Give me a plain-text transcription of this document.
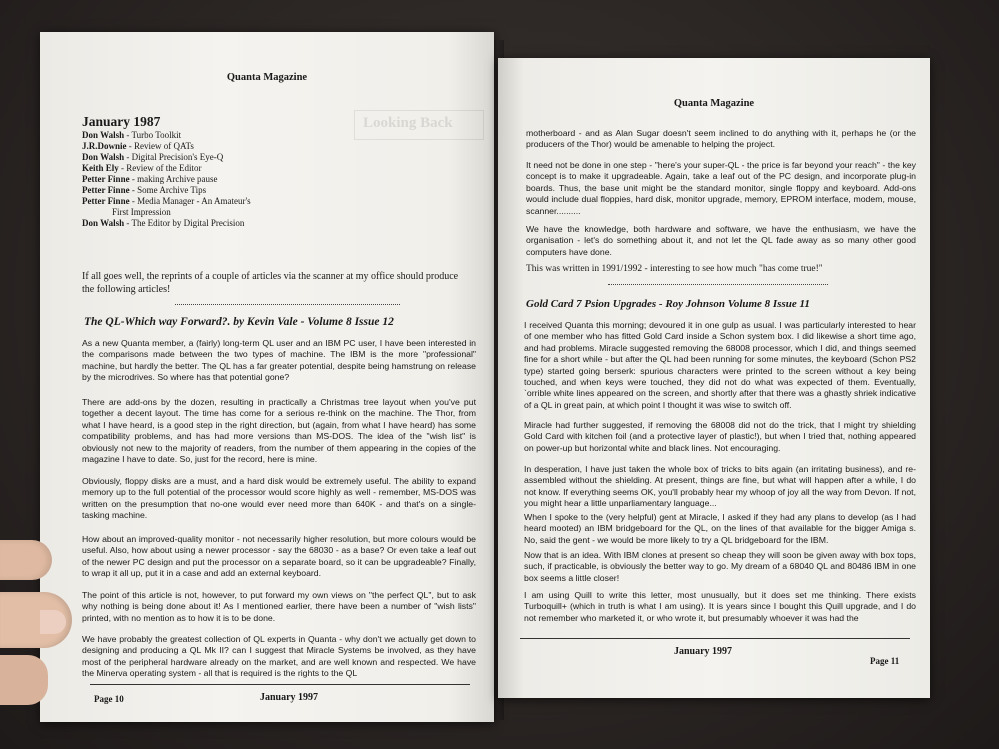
Quanta Magazine
Looking Back
January 1987
Don Walsh - Turbo Toolkit
J.R.Downie - Review of QATs
Don Walsh - Digital Precision's Eye-Q
Keith Ely - Review of the Editor
Petter Finne - making Archive pause
Petter Finne - Some Archive Tips
Petter Finne - Media Manager - An Amateur's
First Impression
Don Walsh - The Editor by Digital Precision
If all goes well, the reprints of a couple of articles via the scanner at my office should produce the following articles!
The QL-Which way Forward?. by Kevin Vale - Volume 8 Issue 12
As a new Quanta member, a (fairly) long-term QL user and an IBM PC user, I have been interested in the comparisons made between the two types of machine. The IBM is the more "professional" machine, but hardly the better. The QL has a far greater potential, despite being hamstrung on release by the microdrives. So where has that potential gone?
There are add-ons by the dozen, resulting in practically a Christmas tree layout when you've put together a decent layout. The time has come for a serious re-think on the machine. The Thor, from what I have heard, is a good step in the right direction, but (again, from what I have heard) has some compatibility problems, and has had more versions than MS-DOS. The idea of the "wish list" is obviously not new to the majority of readers, from the number of them appearing in the copies of the magazine I have to date. So, just for the record, here is mine.
Obviously, floppy disks are a must, and a hard disk would be extremely useful. The ability to expand memory up to the full potential of the processor would score highly as well - remember, MS-DOS was written on the presumption that no-one would ever need more than 640K - and that's on a single-tasking machine.
How about an improved-quality monitor - not necessarily higher resolution, but more colours would be useful. Also, how about using a newer processor - say the 68030 - as a base? Or even take a leaf out of the newer PC design and put the processor on a separate board, so it can be upgradeable? Finally, to wrap it all up, put it in a case and add an external keyboard.
The point of this article is not, however, to put forward my own views on "the perfect QL", but to ask why nothing is being done about it! As I mentioned earlier, there have been a number of "wish lists" printed, with no mention as to how it is to be done.
We have probably the greatest collection of QL experts in Quanta - why don't we actually get down to designing and producing a QL Mk II? can I suggest that Miracle Systems be involved, as they have most of the peripheral hardware already on the market, and are well known and respected. We have the Minerva operating system - all that is required is the rights to the QL
Page 10	January 1997
Quanta Magazine
motherboard - and as Alan Sugar doesn't seem inclined to do anything with it, perhaps he (or the producers of the Thor) would be amenable to helping the project.
It need not be done in one step - "here's your super-QL - the price is far beyond your reach" - the key concept is to make it upgradeable. Again, take a leaf out of the PC design, and incorporate plug-in boards. Thus, the base unit might be the standard monitor, single floppy and keyboard. Add-ons would include dual floppies, hard disk, monitor upgrade, memory, EPROM interface, modem, mouse, scanner..........
We have the knowledge, both hardware and software, we have the enthusiasm, we have the organisation - let's do something about it, and not let the QL fade away as so many other good computers have done.
This was written in 1991/1992 - interesting to see how much "has come true!"
Gold Card 7 Psion Upgrades - Roy Johnson Volume 8 Issue 11
I received Quanta this morning; devoured it in one gulp as usual. I was particularly interested to hear of one member who has fitted Gold Card inside a Schon system box. I did likewise a short time ago, and had problems. Miracle suggested removing the 68008 processor, which I did, and things seemed fine for a short while - but after the QL had been running for some minutes, the keyboard (Schon PS2 type) started going berserk: spurious characters were printed to the screen without a key being touched, and when keys were touched, they did not do what was expected of them. Eventually, `orrible white lines appeared on the screen, and shortly after that there was a ghastly shriek indicative of a QL in great pain, at which point I thought it was wise to switch off.
Miracle had further suggested, if removing the 68008 did not do the trick, that I might try shielding Gold Card with kitchen foil (and a protective layer of plastic!), but when I tried that, nothing appeared on power-up but horizontal white and black lines. Not encouraging.
In desperation, I have just taken the whole box of tricks to bits again (an irritating business), and re-assembled without the shielding. At present, things are fine, but what will happen after a while, I do not know. If everything seems OK, you'll probably hear my whoop of joy all the way from Devon. If not, you might hear a little unparliamentary language...
When I spoke to the (very helpful) gent at Miracle, I asked if they had any plans to develop (as I had heard mooted) an IBM bridgeboard for the QL, on the lines of that available for the bigger Amiga s. No, said the gent - we would be more likely to try a QL bridgeboard for the IBM.
Now that is an idea. With IBM clones at present so cheap they will soon be given away with box tops, such, if practicable, is obviously the better way to go. My dream of a 68040 QL and 80486 IBM in one box seems a little closer!
I am using Quill to write this letter, most unusually, but it does set me thinking. There exists Turboquill+ (which in truth is what I am using). It is years since I bought this Quill upgrade, and I do not remember who marketed it, or who wrote it, but presumably whoever it was had the
January 1997
Page 11
